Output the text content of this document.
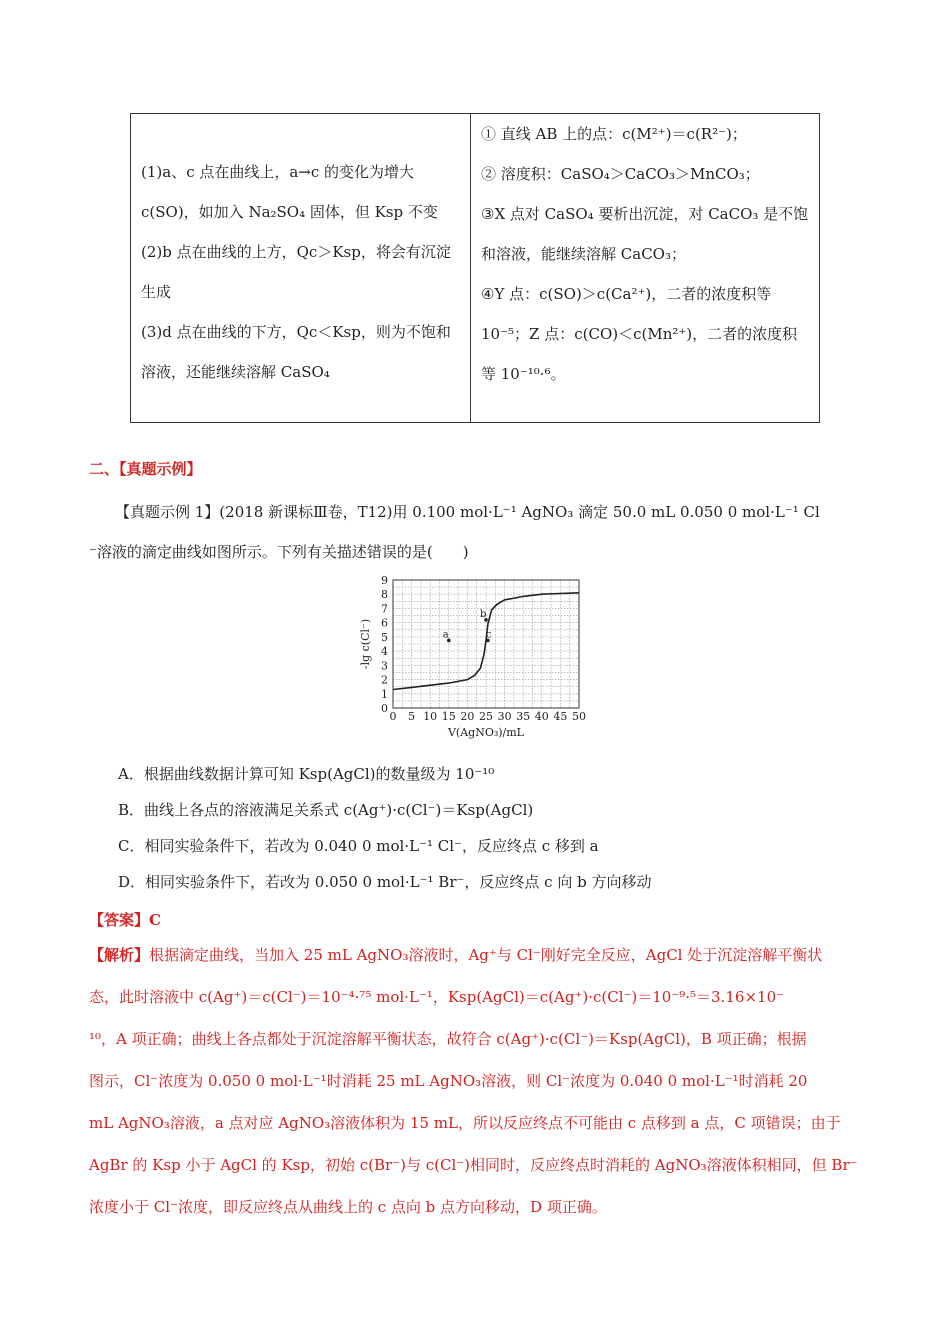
(1)a、c 点在曲线上，a→c 的变化为增大
c(SO)，如加入 Na₂SO₄ 固体，但 Ksp 不变
(2)b 点在曲线的上方，Qc＞Ksp，将会有沉淀
生成
(3)d 点在曲线的下方，Qc＜Ksp，则为不饱和
溶液，还能继续溶解 CaSO₄
① 直线 AB 上的点：c(M²⁺)＝c(R²⁻)；
② 溶度积：CaSO₄＞CaCO₃＞MnCO₃；
③X 点对 CaSO₄ 要析出沉淀，对 CaCO₃ 是不饱
和溶液，能继续溶解 CaCO₃；
④Y 点：c(SO)＞c(Ca²⁺)，二者的浓度积等
10⁻⁵；Z 点：c(CO)＜c(Mn²⁺)，二者的浓度积
等 10⁻¹⁰·⁶。
二、【真题示例】
【真题示例 1】(2018 新课标Ⅲ卷，T12)用 0.100 mol·L⁻¹ AgNO₃ 滴定 50.0 mL 0.050 0 mol·L⁻¹ Cl
⁻溶液的滴定曲线如图所示。下列有关描述错误的是(　　)
a
b
c
0 5 10 15 20 25 30 35 40 45 50
0
1
2
3
4
5
6
7
8
9
V(AgNO₃)/mL
-lg c(Cl⁻)
A．根据曲线数据计算可知 Ksp(AgCl)的数量级为 10⁻¹⁰
B．曲线上各点的溶液满足关系式 c(Ag⁺)·c(Cl⁻)＝Ksp(AgCl)
C．相同实验条件下，若改为 0.040 0 mol·L⁻¹ Cl⁻，反应终点 c 移到 a
D．相同实验条件下，若改为 0.050 0 mol·L⁻¹ Br⁻，反应终点 c 向 b 方向移动
【答案】C
【解析】根据滴定曲线，当加入 25 mL AgNO₃溶液时，Ag⁺与 Cl⁻刚好完全反应，AgCl 处于沉淀溶解平衡状
态，此时溶液中 c(Ag⁺)＝c(Cl⁻)＝10⁻⁴·⁷⁵ mol·L⁻¹，Ksp(AgCl)＝c(Ag⁺)·c(Cl⁻)＝10⁻⁹·⁵＝3.16×10⁻
¹⁰，A 项正确；曲线上各点都处于沉淀溶解平衡状态，故符合 c(Ag⁺)·c(Cl⁻)＝Ksp(AgCl)，B 项正确；根据
图示，Cl⁻浓度为 0.050 0 mol·L⁻¹时消耗 25 mL AgNO₃溶液，则 Cl⁻浓度为 0.040 0 mol·L⁻¹时消耗 20
mL AgNO₃溶液，a 点对应 AgNO₃溶液体积为 15 mL，所以反应终点不可能由 c 点移到 a 点，C 项错误；由于
AgBr 的 Ksp 小于 AgCl 的 Ksp，初始 c(Br⁻)与 c(Cl⁻)相同时，反应终点时消耗的 AgNO₃溶液体积相同，但 Br⁻
浓度小于 Cl⁻浓度，即反应终点从曲线上的 c 点向 b 点方向移动，D 项正确。
